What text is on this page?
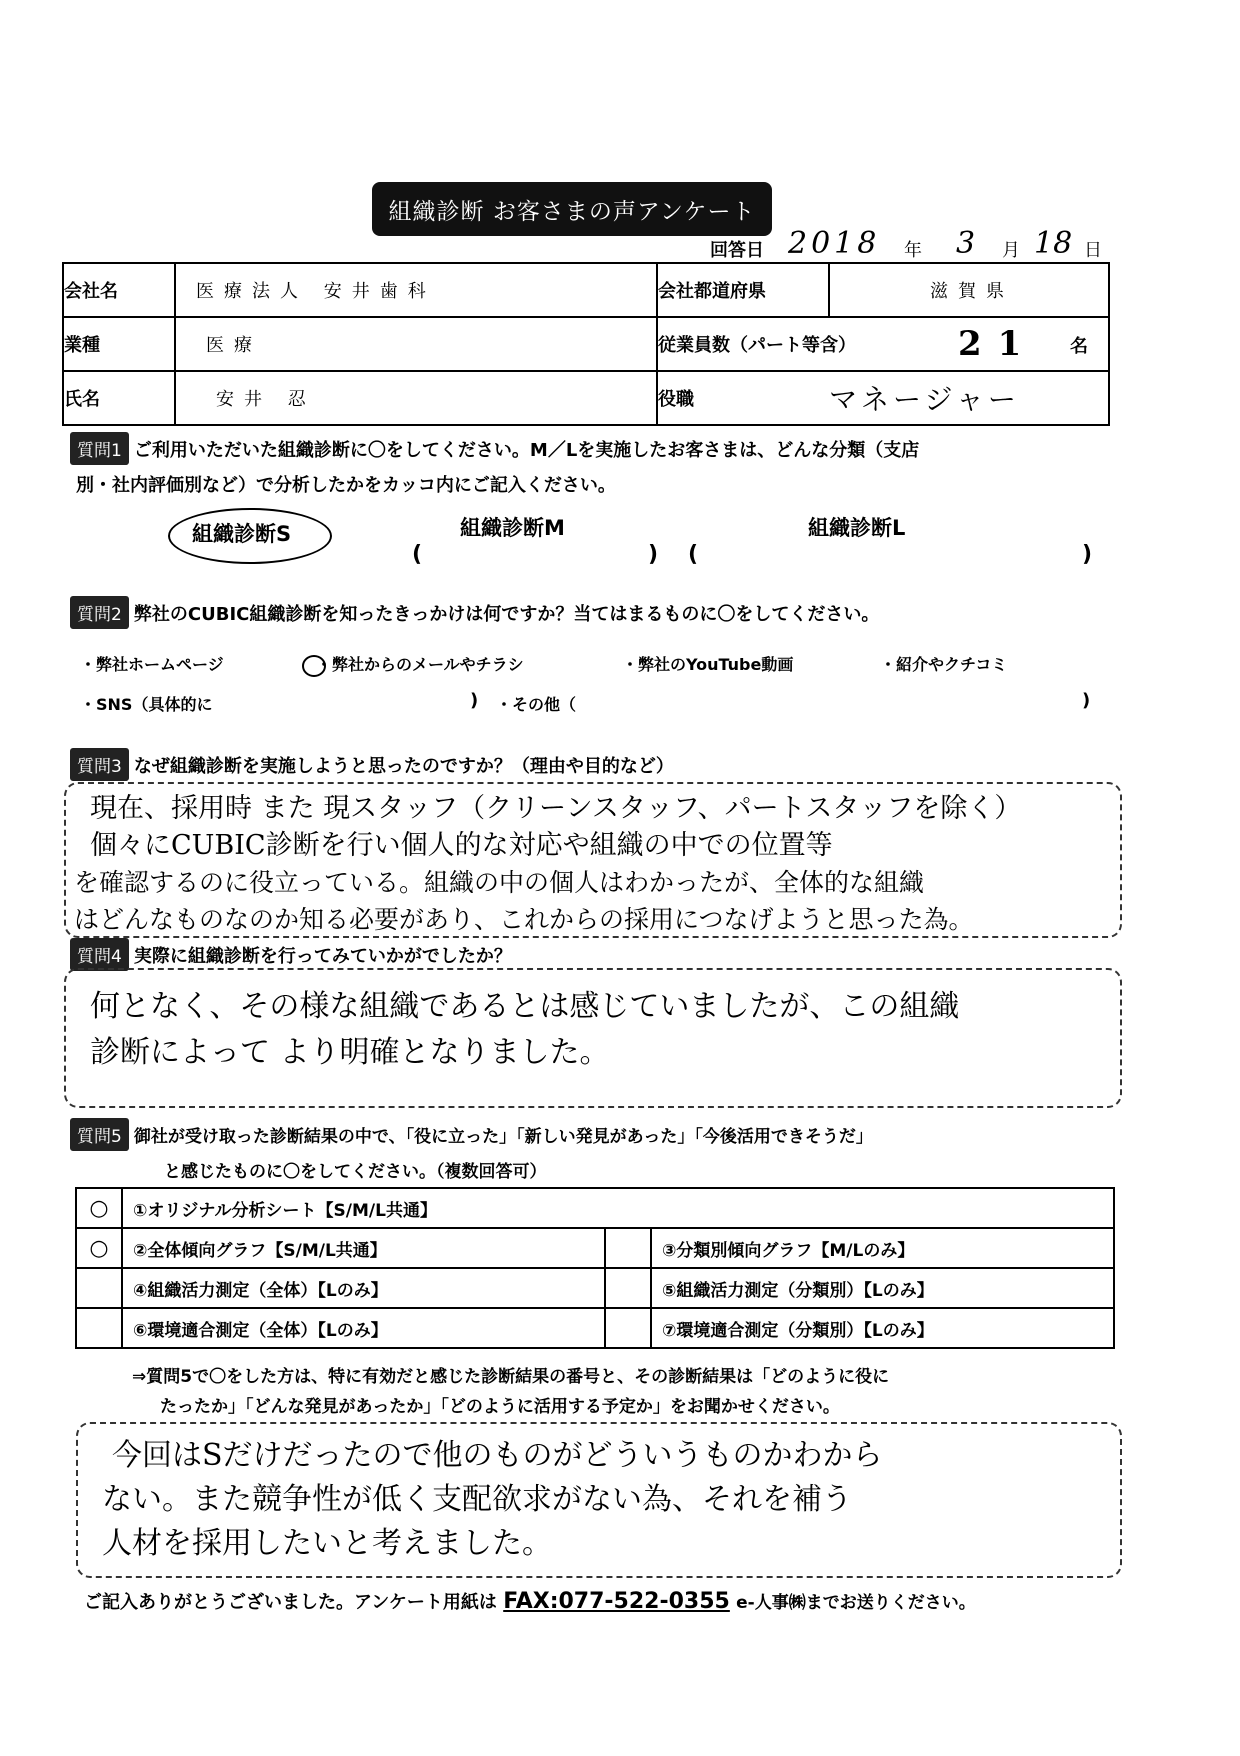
組織診断 お客さまの声アンケート
回答日 2018 年 3 月 18 日
会社名	医療法人 安井歯科	会社都道府県	滋賀県
業種	医療	従業員数（パート等含） 21 名	

氏名	安井 忍	役職	マネージャー
質問1 ご利用いただいた組織診断に〇をしてください。M／Lを実施したお客さまは、どんな分類（支店
別・社内評価別など）で分析したかをカッコ内にご記入ください。
組織診断S	組織診断M	組織診断L
(	) (	)
質問2 弊社のCUBIC組織診断を知ったきっかけは何ですか？当てはまるものに〇をしてください。
・弊社ホームページ	・弊社からのメールやチラシ	・弊社のYouTube動画	・紹介やクチコミ
・SNS（具体的に	) ・その他（	)
質問3 なぜ組織診断を実施しようと思ったのですか？（理由や目的など）
現在、採用時 また 現スタッフ（クリーンスタッフ、パートスタッフを除く）
個々にCUBIC診断を行い個人的な対応や組織の中での位置等
を確認するのに役立っている。組織の中の個人はわかったが、全体的な組織
はどんなものなのか知る必要があり、これからの採用につなげようと思った為。
質問4 実際に組織診断を行ってみていかがでしたか？
何となく、その様な組織であるとは感じていましたが、この組織
診断によって より明確となりました。
質問5 御社が受け取った診断結果の中で、「役に立った」「新しい発見があった」「今後活用できそうだ」
と感じたものに〇をしてください。（複数回答可）
○	①オリジナル分析シート【S/M/L共通】		
○	②全体傾向グラフ【S/M/L共通】		③分類別傾向グラフ【M/Lのみ】
	④組織活力測定（全体）【Lのみ】		⑤組織活力測定（分類別）【Lのみ】
	⑥環境適合測定（全体）【Lのみ】		⑦環境適合測定（分類別）【Lのみ】
⇒質問5で〇をした方は、特に有効だと感じた診断結果の番号と、その診断結果は「どのように役に
たったか」「どんな発見があったか」「どのように活用する予定か」をお聞かせください。
今回はSだけだったので他のものがどういうものかわから
ない。また競争性が低く支配欲求がない為、それを補う
人材を採用したいと考えました。
ご記入ありがとうございました。アンケート用紙は FAX:077-522-0355 e-人事㈱までお送りください。
